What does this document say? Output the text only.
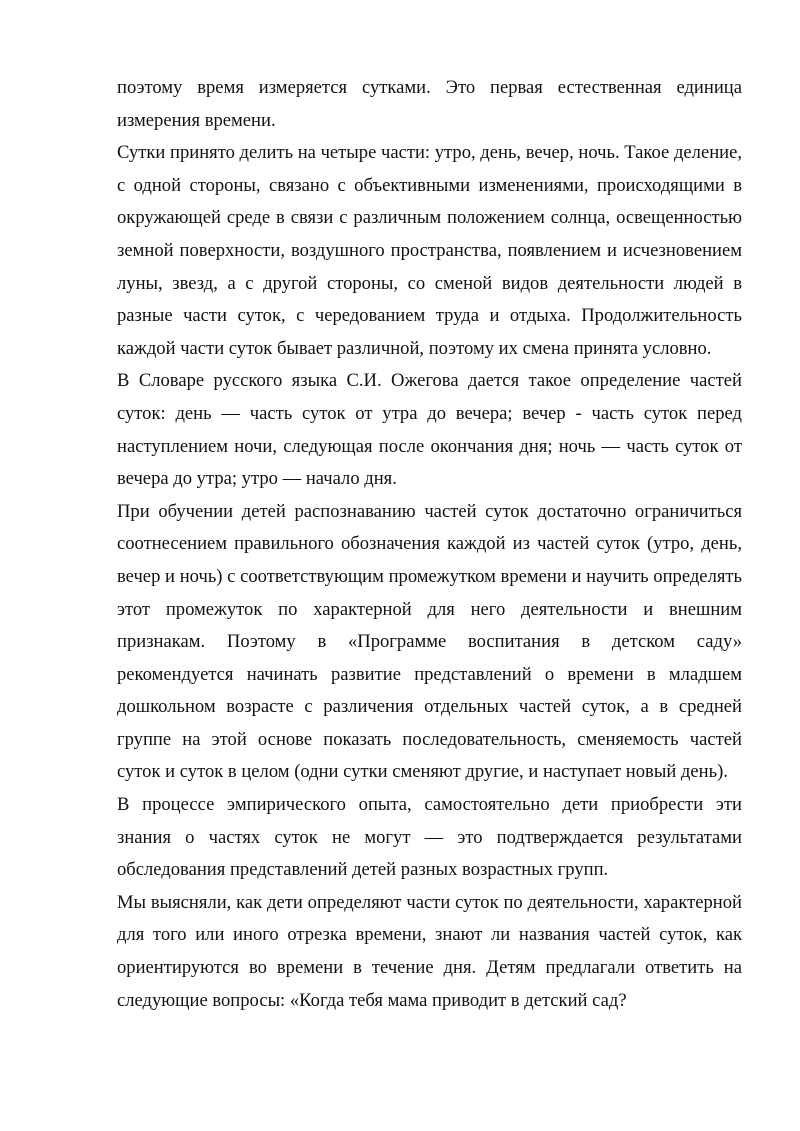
поэтому время измеряется сутками. Это первая естественная единица измерения времени.

Сутки принято делить на четыре части: утро, день, вечер, ночь. Такое деление, с одной стороны, связано с объективными изменениями, происходящими в окружающей среде в связи с различным положением солнца, освещенностью земной поверхности, воздушного пространства, появлением и исчезновением луны, звезд, а с другой стороны, со сменой видов деятельности людей в разные части суток, с чередованием труда и отдыха. Продолжительность каждой части суток бывает различной, поэтому их смена принята условно.

В Словаре русского языка С.И. Ожегова дается такое определение частей суток: день — часть суток от утра до вечера; вечер - часть суток перед наступлением ночи, следующая после окончания дня; ночь — часть суток от вечера до утра; утро — начало дня.

При обучении детей распознаванию частей суток достаточно ограничиться соотнесением правильного обозначения каждой из частей суток (утро, день, вечер и ночь) с соответствующим промежутком времени и научить определять этот промежуток по характерной для него деятельности и внешним признакам. Поэтому в «Программе воспитания в детском саду» рекомендуется начинать развитие представлений о времени в младшем дошкольном возрасте с различения отдельных частей суток, а в средней группе на этой основе показать последовательность, сменяемость частей суток и суток в целом (одни сутки сменяют другие, и наступает новый день).

В процессе эмпирического опыта, самостоятельно дети приобрести эти знания о частях суток не могут — это подтверждается результатами обследования представлений детей разных возрастных групп.

Мы выясняли, как дети определяют части суток по деятельности, характерной для того или иного отрезка времени, знают ли названия частей суток, как ориентируются во времени в течение дня. Детям предлагали ответить на следующие вопросы: «Когда тебя мама приводит в детский сад?
